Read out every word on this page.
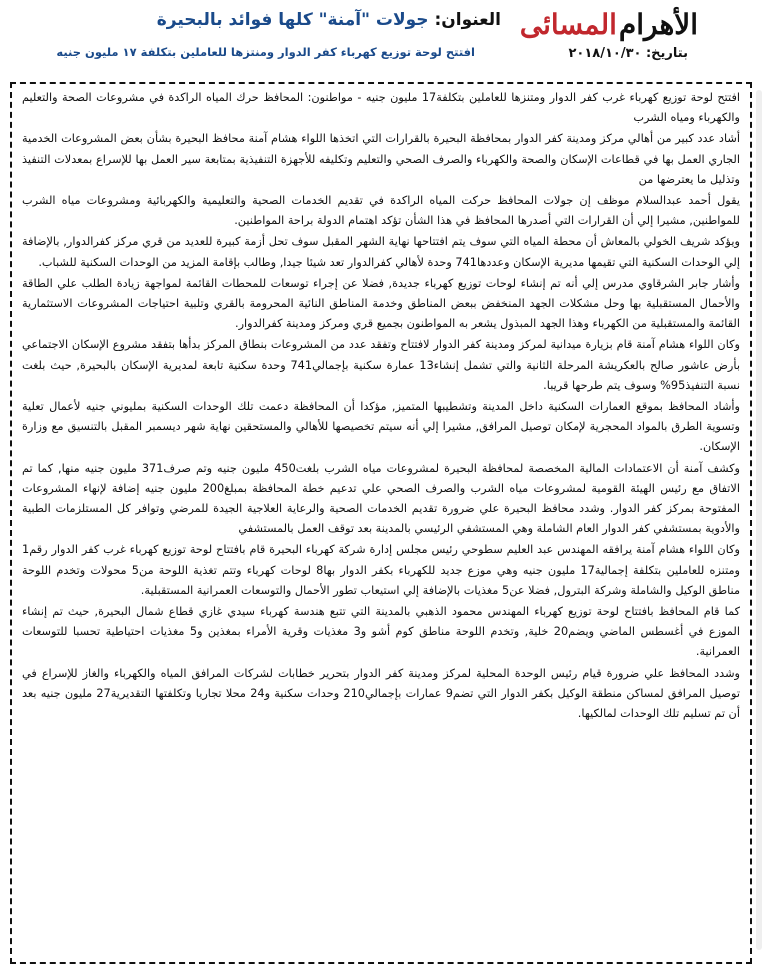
المسائى الأهرام
العنوان: جولات "آمنة" كلها فوائد بالبحيرة
افتتح لوحة توزيع كهرباء كفر الدوار ومنتزها للعاملين بتكلفة ١٧ مليون جنيه	بتاريخ: ٢٠١٨/١٠/٣٠

افتتح لوحة توزيع كهرباء غرب كفر الدوار ومتنزها للعاملين بتكلفة17 مليون جنيه - مواطنون: المحافظ حرك المياه الراكدة في مشروعات الصحة والتعليم والكهرباء ومياه الشرب

أشاد عدد كبير من أهالي مركز ومدينة كفر الدوار بمحافظة البحيرة بالقرارات التي اتخذها اللواء هشام آمنة محافظ البحيرة بشأن بعض المشروعات الخدمية الجاري العمل بها في قطاعات الإسكان والصحة والكهرباء والصرف الصحي والتعليم وتكليفه للأجهزة التنفيذية بمتابعة سير العمل بها للإسراع بمعدلات التنفيذ وتذليل ما يعترضها من

يقول أحمد عبدالسلام موظف إن جولات المحافظ حركت المياه الراكدة في تقديم الخدمات الصحية والتعليمية والكهربائية ومشروعات مياه الشرب للمواطنين, مشيرا إلي أن القرارات التي أصدرها المحافظ في هذا الشأن تؤكد اهتمام الدولة براحة المواطنين.

ويؤكد شريف الخولي بالمعاش أن محطة المياه التي سوف يتم افتتاحها نهاية الشهر المقبل سوف تحل أزمة كبيرة للعديد من قري مركز كفرالدوار, بالإضافة إلي الوحدات السكنية التي تقيمها مديرية الإسكان وعددها741 وحدة لأهالي كفرالدوار تعد شيئا جيدا, وطالب بإقامة المزيد من الوحدات السكنية للشباب.

وأشار جابر الشرقاوي مدرس إلي أنه تم إنشاء لوحات توزيع كهرباء جديدة, فضلا عن إجراء توسعات للمحطات القائمة لمواجهة زيادة الطلب علي الطاقة والأحمال المستقبلية بها وحل مشكلات الجهد المنخفض ببعض المناطق وخدمة المناطق النائية المحرومة بالقري وتلبية احتياجات المشروعات الاستثمارية القائمة والمستقبلية من الكهرباء وهذا الجهد المبذول يشعر به المواطنون بجميع قري ومركز ومدينة كفرالدوار.

وكان اللواء هشام آمنة قام بزيارة ميدانية لمركز ومدينة كفر الدوار لافتتاح وتفقد عدد من المشروعات بنطاق المركز بدأها بتفقد مشروع الإسكان الاجتماعي بأرض عاشور صالح بالعكريشة المرحلة الثانية والتي تشمل إنشاء13 عمارة سكنية بإجمالي741 وحدة سكنية تابعة لمديرية الإسكان بالبحيرة, حيث بلغت نسبة التنفيذ95% وسوف يتم طرحها قريبا.

وأشاد المحافظ بموقع العمارات السكنية داخل المدينة وتشطيبها المتميز, مؤكدا أن المحافظة دعمت تلك الوحدات السكنية بمليوني جنيه لأعمال تعلية وتسوية الطرق بالمواد المحجرية لإمكان توصيل المرافق, مشيرا إلي أنه سيتم تخصيصها للأهالي والمستحقين نهاية شهر ديسمبر المقبل بالتنسيق مع وزارة الإسكان.

وكشف آمنة أن الاعتمادات المالية المخصصة لمحافظة البحيرة لمشروعات مياه الشرب بلغت450 مليون جنيه وتم صرف371 مليون جنيه منها, كما تم الاتفاق مع رئيس الهيئة القومية لمشروعات مياه الشرب والصرف الصحي علي تدعيم خطة المحافظة بمبلغ200 مليون جنيه إضافة لإنهاء المشروعات المفتوحة بمركز كفر الدوار. وشدد محافظ البحيرة علي ضرورة تقديم الخدمات الصحية والرعاية العلاجية الجيدة للمرضي وتوافر كل المستلزمات الطبية والأدوية بمستشفي كفر الدوار العام الشاملة وهي المستشفي الرئيسي بالمدينة بعد توقف العمل بالمستشفي

وكان اللواء هشام آمنة يرافقه المهندس عبد العليم سطوحي رئيس مجلس إدارة شركة كهرباء البحيرة قام بافتتاح لوحة توزيع كهرباء غرب كفر الدوار رقم1 ومتنزه للعاملين بتكلفة إجمالية17 مليون جنيه وهي موزع جديد للكهرباء بكفر الدوار بها8 لوحات كهرباء وتتم تغذية اللوحة من5 محولات وتخدم اللوحة مناطق الوكيل والشاملة وشركة البترول, فضلا عن5 مغذيات بالإضافة إلي استيعاب تطور الأحمال والتوسعات العمرانية المستقبلية.

كما قام المحافظ بافتتاح لوحة توزيع كهرباء المهندس محمود الذهبي بالمدينة التي تتبع هندسة كهرباء سيدي غازي قطاع شمال البحيرة, حيث تم إنشاء الموزع في أغسطس الماضي ويضم20 خلية, وتخدم اللوحة مناطق كوم أشو و3 مغذيات وقرية الأمراء بمغذين و5 مغذيات احتياطية تحسبا للتوسعات العمرانية.

وشدد المحافظ علي ضرورة قيام رئيس الوحدة المحلية لمركز ومدينة كفر الدوار بتحرير خطابات لشركات المرافق المياه والكهرباء والغاز للإسراع في توصيل المرافق لمساكن منطقة الوكيل بكفر الدوار التي تضم9 عمارات بإجمالي210 وحدات سكنية و24 محلا تجاريا وتكلفتها التقديرية27 مليون جنيه بعد أن تم تسليم تلك الوحدات لمالكيها.
